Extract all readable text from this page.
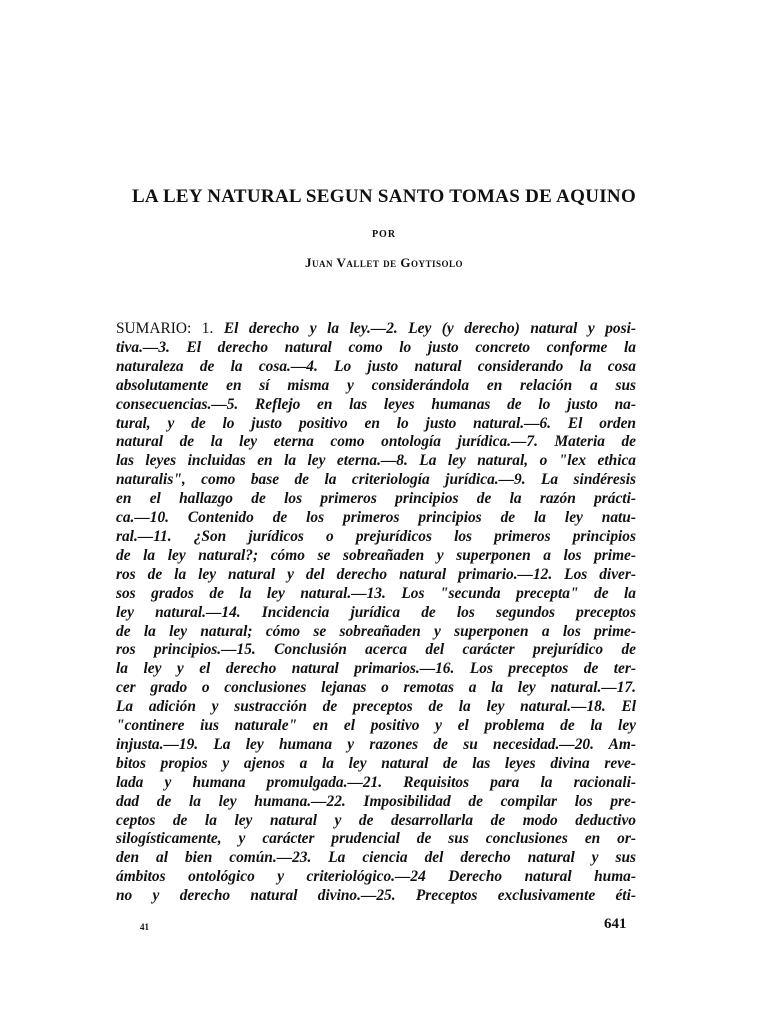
LA LEY NATURAL SEGUN SANTO TOMAS DE AQUINO
POR
Juan Vallet de Goytisolo
SUMARIO: 1. El derecho y la ley.—2. Ley (y derecho) natural y posi-
tiva.—3. El derecho natural como lo justo concreto conforme la
naturaleza de la cosa.—4. Lo justo natural considerando la cosa
absolutamente en sí misma y considerándola en relación a sus
consecuencias.—5. Reflejo en las leyes humanas de lo justo na-
tural, y de lo justo positivo en lo justo natural.—6. El orden
natural de la ley eterna como ontología jurídica.—7. Materia de
las leyes incluidas en la ley eterna.—8. La ley natural, o "lex ethica
naturalis", como base de la criteriología jurídica.—9. La sindéresis
en el hallazgo de los primeros principios de la razón prácti-
ca.—10. Contenido de los primeros principios de la ley natu-
ral.—11. ¿Son jurídicos o prejurídicos los primeros principios
de la ley natural?; cómo se sobreañaden y superponen a los prime-
ros de la ley natural y del derecho natural primario.—12. Los diver-
sos grados de la ley natural.—13. Los "secunda precepta" de la
ley natural.—14. Incidencia jurídica de los segundos preceptos
de la ley natural; cómo se sobreañaden y superponen a los prime-
ros principios.—15. Conclusión acerca del carácter prejurídico de
la ley y el derecho natural primarios.—16. Los preceptos de ter-
cer grado o conclusiones lejanas o remotas a la ley natural.—17.
La adición y sustracción de preceptos de la ley natural.—18. El
"continere ius naturale" en el positivo y el problema de la ley
injusta.—19. La ley humana y razones de su necesidad.—20. Am-
bitos propios y ajenos a la ley natural de las leyes divina reve-
lada y humana promulgada.—21. Requisitos para la racionali-
dad de la ley humana.—22. Imposibilidad de compilar los pre-
ceptos de la ley natural y de desarrollarla de modo deductivo
silogísticamente, y carácter prudencial de sus conclusiones en or-
den al bien común.—23. La ciencia del derecho natural y sus
ámbitos ontológico y criteriológico.—24 Derecho natural huma-
no y derecho natural divino.—25. Preceptos exclusivamente éti-
41	641
